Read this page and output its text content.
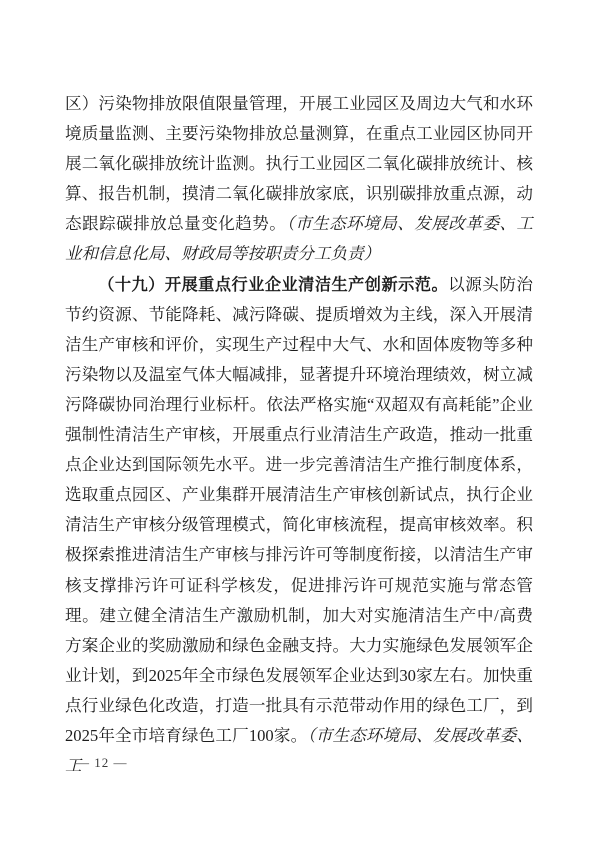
区）污染物排放限值限量管理，开展工业园区及周边大气和水环境质量监测、主要污染物排放总量测算，在重点工业园区协同开展二氧化碳排放统计监测。执行工业园区二氧化碳排放统计、核算、报告机制，摸清二氧化碳排放家底，识别碳排放重点源，动态跟踪碳排放总量变化趋势。（市生态环境局、发展改革委、工业和信息化局、财政局等按职责分工负责）

（十九）开展重点行业企业清洁生产创新示范。以源头防治节约资源、节能降耗、减污降碳、提质增效为主线，深入开展清洁生产审核和评价，实现生产过程中大气、水和固体废物等多种污染物以及温室气体大幅减排，显著提升环境治理绩效，树立减污降碳协同治理行业标杆。依法严格实施“双超双有高耗能”企业强制性清洁生产审核，开展重点行业清洁生产政造，推动一批重点企业达到国际领先水平。进一步完善清洁生产推行制度体系，选取重点园区、产业集群开展清洁生产审核创新试点，执行企业清洁生产审核分级管理模式，简化审核流程，提高审核效率。积极探索推进清洁生产审核与排污许可等制度衔接，以清洁生产审核支撑排污许可证科学核发，促进排污许可规范实施与常态管理。建立健全清洁生产激励机制，加大对实施清洁生产中/高费方案企业的奖励激励和绿色金融支持。大力实施绿色发展领军企业计划，到2025年全市绿色发展领军企业达到30家左右。加快重点行业绿色化改造，打造一批具有示范带动作用的绿色工厂，到2025年全市培育绿色工厂100家。（市生态环境局、发展改革委、工

— 12 —
